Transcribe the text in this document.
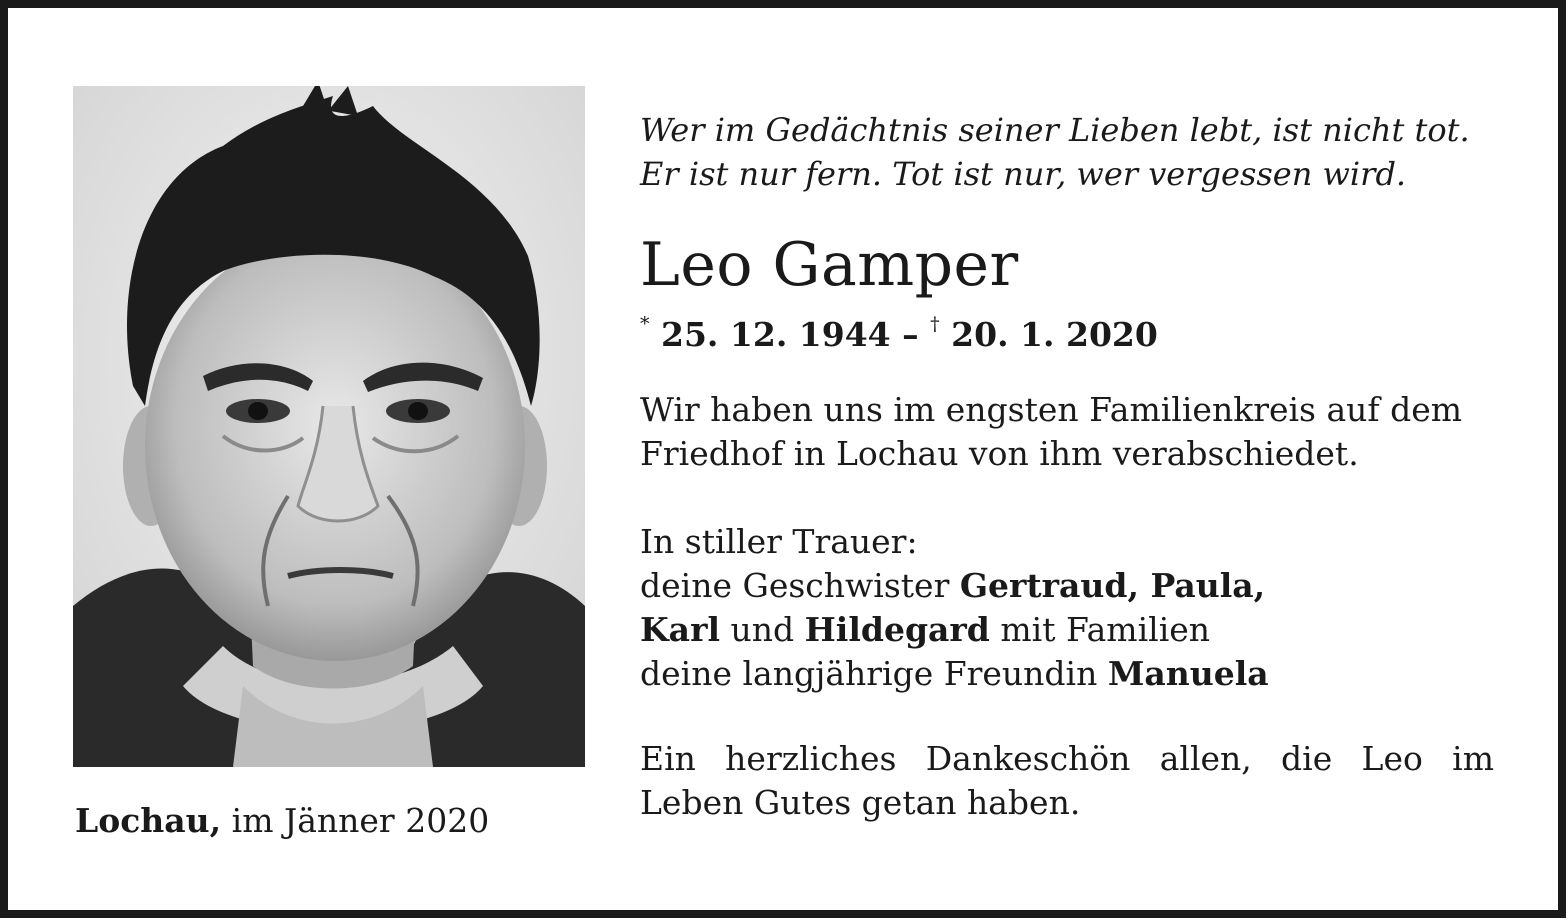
Lochau, im Jänner 2020
Wer im Gedächtnis seiner Lieben lebt, ist nicht tot.
Er ist nur fern. Tot ist nur, wer vergessen wird.
Leo Gamper
* 25. 12. 1944 – † 20. 1. 2020
Wir haben uns im engsten Familienkreis auf dem
Friedhof in Lochau von ihm verabschiedet.
In stiller Trauer:
deine Geschwister Gertraud, Paula,
Karl und Hildegard mit Familien
deine langjährige Freundin Manuela
Ein herzliches Dankeschön allen, die Leo im
Leben Gutes getan haben.
